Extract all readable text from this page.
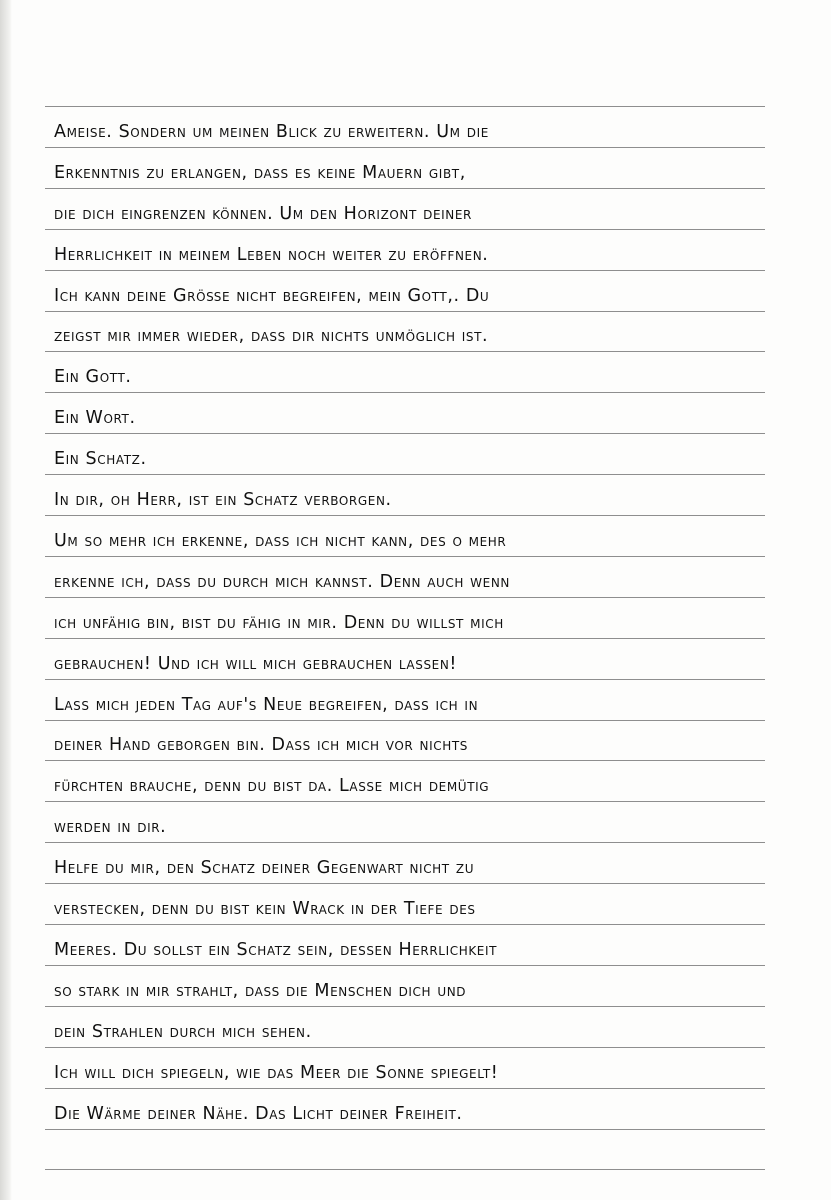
Ameise. Sondern um meinen Blick zu erweitern. Um die
Erkenntnis zu erlangen, dass es keine Mauern gibt,
die dich eingrenzen können. Um den Horizont deiner
Herrlichkeit in meinem Leben noch weiter zu eröffnen.
Ich kann deine Größe nicht begreifen, mein Gott,. Du
zeigst mir immer wieder, dass dir nichts unmöglich ist.
Ein Gott.
Ein Wort.
Ein Schatz.
In dir, oh Herr, ist ein Schatz verborgen.
Um so mehr ich erkenne, dass ich nicht kann, des o mehr
erkenne ich, dass du durch mich kannst. Denn auch wenn
ich unfähig bin, bist du fähig in mir. Denn du willst mich
gebrauchen! Und ich will mich gebrauchen lassen!
Lass mich jeden Tag auf's Neue begreifen, dass ich in
deiner Hand geborgen bin. Dass ich mich vor nichts
fürchten brauche, denn du bist da. Lasse mich demütig
werden in dir.
Helfe du mir, den Schatz deiner Gegenwart nicht zu
verstecken, denn du bist kein Wrack in der Tiefe des
Meeres. Du sollst ein Schatz sein, dessen Herrlichkeit
so stark in mir strahlt, dass die Menschen dich und
dein Strahlen durch mich sehen.
Ich will dich spiegeln, wie das Meer die Sonne spiegelt!
Die Wärme deiner Nähe. Das Licht deiner Freiheit.
